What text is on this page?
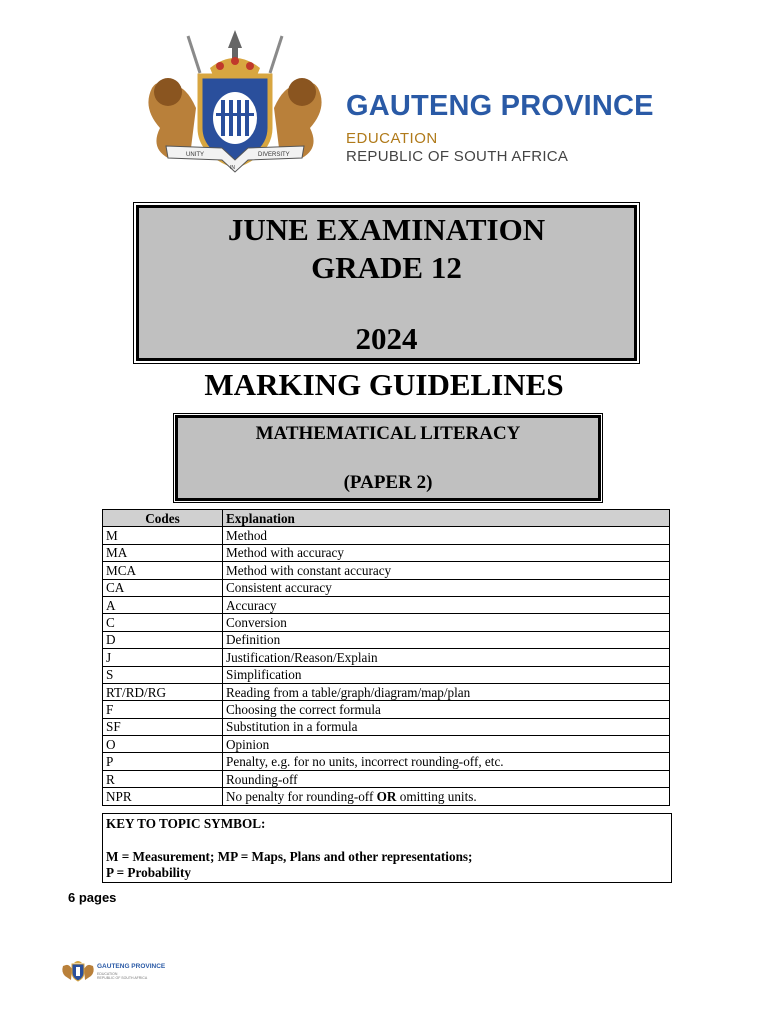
UNITY
IN
DIVERSITY
GAUTENG PROVINCE
EDUCATION
REPUBLIC OF SOUTH AFRICA
JUNE EXAMINATION
GRADE 12
2024
MARKING GUIDELINES
MATHEMATICAL LITERACY
(PAPER 2)
Codes	Explanation
M	Method
MA	Method with accuracy
MCA	Method with constant accuracy
CA	Consistent accuracy
A	Accuracy
C	Conversion
D	Definition
J	Justification/Reason/Explain
S	Simplification
RT/RD/RG	Reading from a table/graph/diagram/map/plan
F	Choosing the correct formula
SF	Substitution in a formula
O	Opinion
P	Penalty, e.g. for no units, incorrect rounding-off, etc.
R	Rounding-off
NPR	No penalty for rounding-off OR omitting units.
KEY TO TOPIC SYMBOL:
M = Measurement; MP = Maps, Plans and other representations;
P = Probability
6 pages
GAUTENG PROVINCE
EDUCATION
REPUBLIC OF SOUTH AFRICA
